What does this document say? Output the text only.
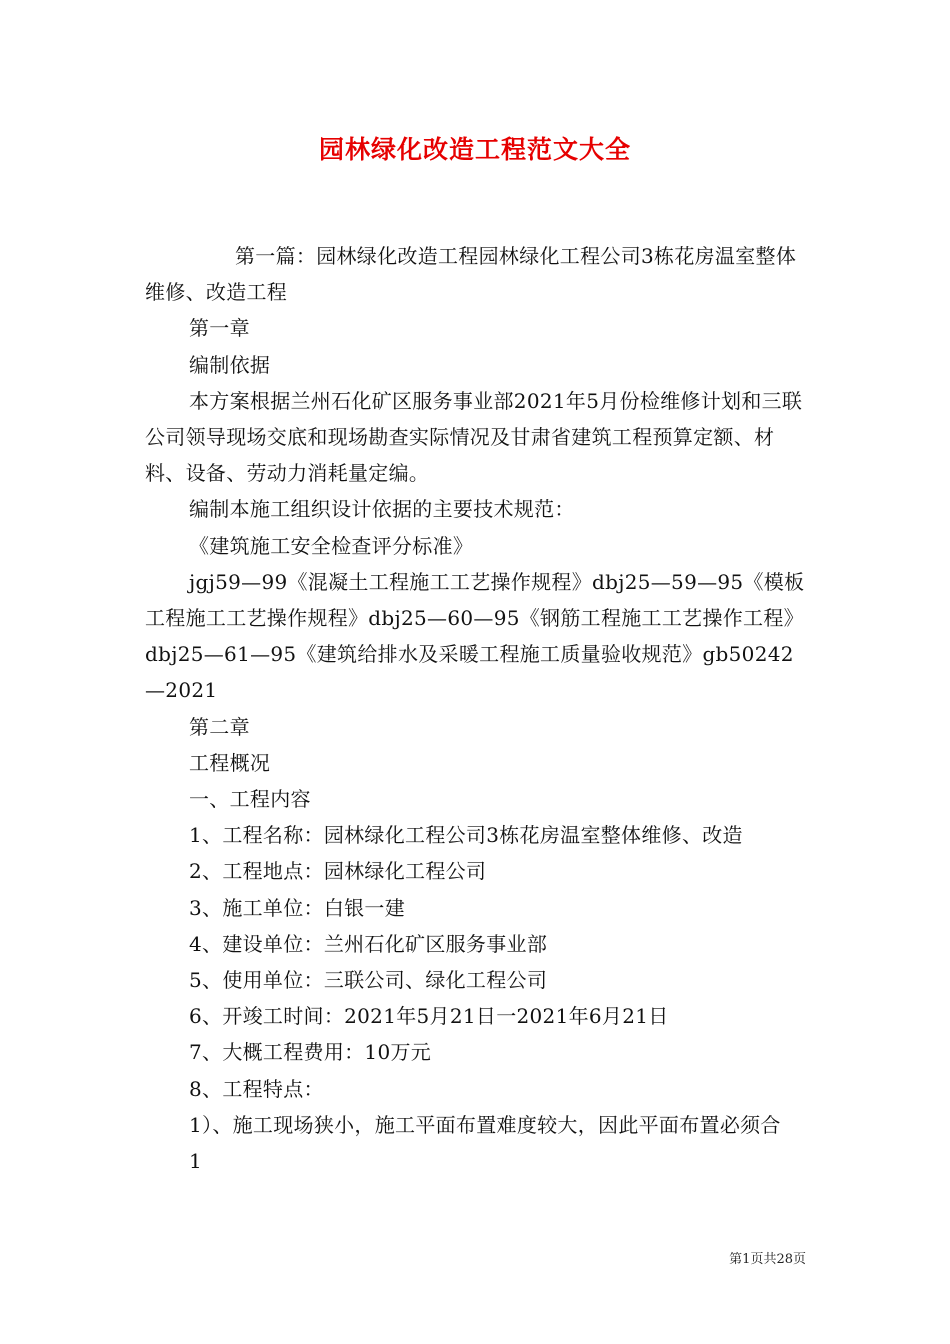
园林绿化改造工程范文大全

第一篇：园林绿化改造工程园林绿化工程公司3栋花房温室整体维修、改造工程

第一章

编制依据

本方案根据兰州石化矿区服务事业部2021年5月份检维修计划和三联公司领导现场交底和现场勘查实际情况及甘肃省建筑工程预算定额、材料、设备、劳动力消耗量定编。

编制本施工组织设计依据的主要技术规范：

《建筑施工安全检查评分标准》

jgj59—99《混凝土工程施工工艺操作规程》dbj25—59—95《模板工程施工工艺操作规程》dbj25—60—95《钢筋工程施工工艺操作工程》dbj25—61—95《建筑给排水及采暖工程施工质量验收规范》gb50242—2021

第二章

工程概况

一、工程内容

1、工程名称：园林绿化工程公司3栋花房温室整体维修、改造

2、工程地点：园林绿化工程公司

3、施工单位：白银一建

4、建设单位：兰州石化矿区服务事业部

5、使用单位：三联公司、绿化工程公司

6、开竣工时间：2021年5月21日一2021年6月21日

7、大概工程费用：10万元

8、工程特点：

1）、施工现场狭小，施工平面布置难度较大，因此平面布置必须合

1

第1页共28页
